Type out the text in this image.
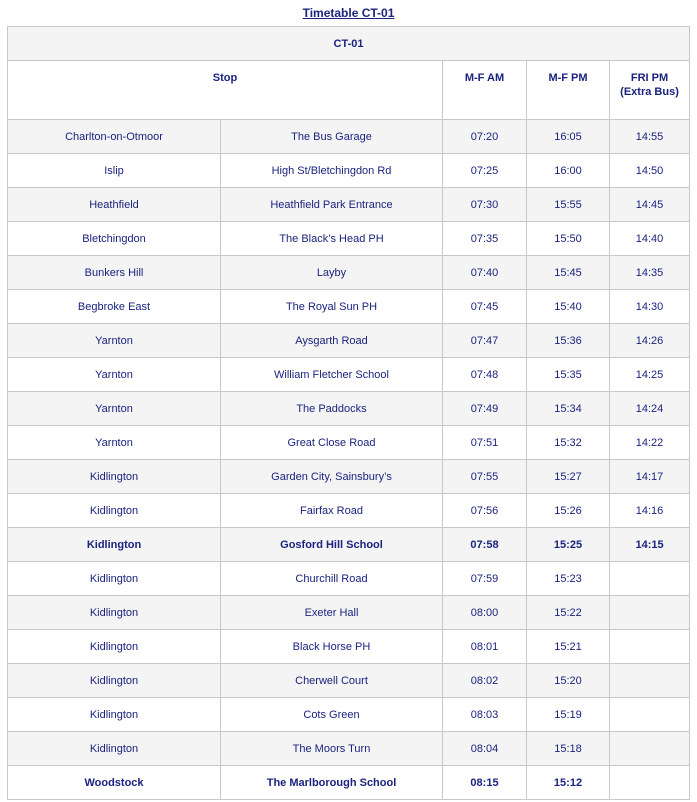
Timetable CT-01
CT-01				
Stop		M-F AM	M-F PM	FRI PM
(Extra Bus)
Charlton-on-Otmoor	The Bus Garage	07:20	16:05	14:55
Islip	High St/Bletchingdon Rd	07:25	16:00	14:50
Heathfield	Heathfield Park Entrance	07:30	15:55	14:45
Bletchingdon	The Black’s Head PH	07:35	15:50	14:40
Bunkers Hill	Layby	07:40	15:45	14:35
Begbroke East	The Royal Sun PH	07:45	15:40	14:30
Yarnton	Aysgarth Road	07:47	15:36	14:26
Yarnton	William Fletcher School	07:48	15:35	14:25
Yarnton	The Paddocks	07:49	15:34	14:24
Yarnton	Great Close Road	07:51	15:32	14:22
Kidlington	Garden City, Sainsbury’s	07:55	15:27	14:17
Kidlington	Fairfax Road	07:56	15:26	14:16
Kidlington	Gosford Hill School	07:58	15:25	14:15
Kidlington	Churchill Road	07:59	15:23	
Kidlington	Exeter Hall	08:00	15:22	
Kidlington	Black Horse PH	08:01	15:21	
Kidlington	Cherwell Court	08:02	15:20	
Kidlington	Cots Green	08:03	15:19	
Kidlington	The Moors Turn	08:04	15:18	
Woodstock	The Marlborough School	08:15	15:12	
